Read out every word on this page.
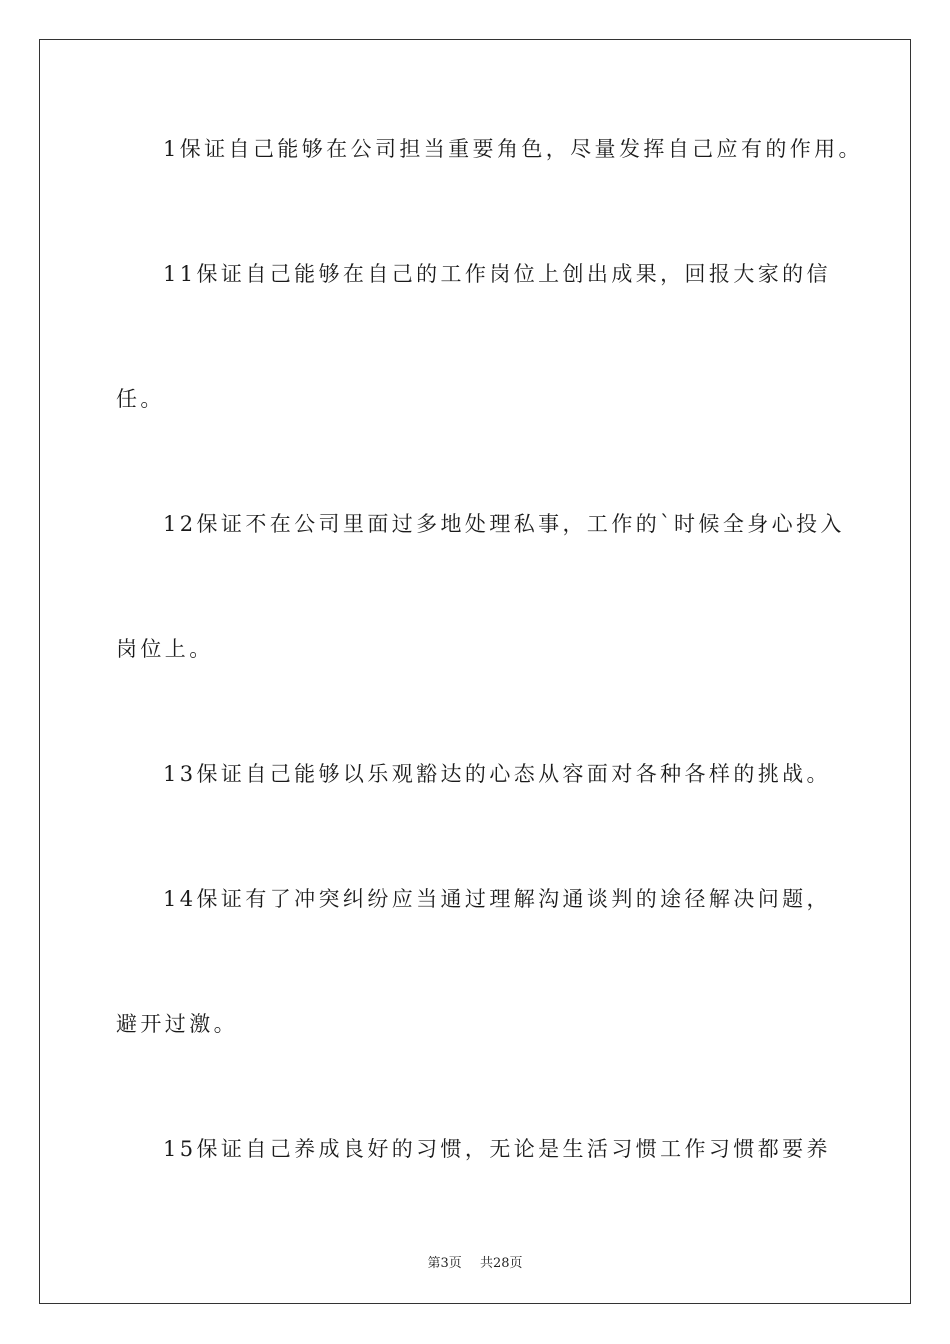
1保证自己能够在公司担当重要角色，尽量发挥自己应有的作用。
11保证自己能够在自己的工作岗位上创出成果，回报大家的信
任。
12保证不在公司里面过多地处理私事，工作的`时候全身心投入
岗位上。
13保证自己能够以乐观豁达的心态从容面对各种各样的挑战。
14保证有了冲突纠纷应当通过理解沟通谈判的途径解决问题，
避开过激。
15保证自己养成良好的习惯，无论是生活习惯工作习惯都要养
第3页 共28页
